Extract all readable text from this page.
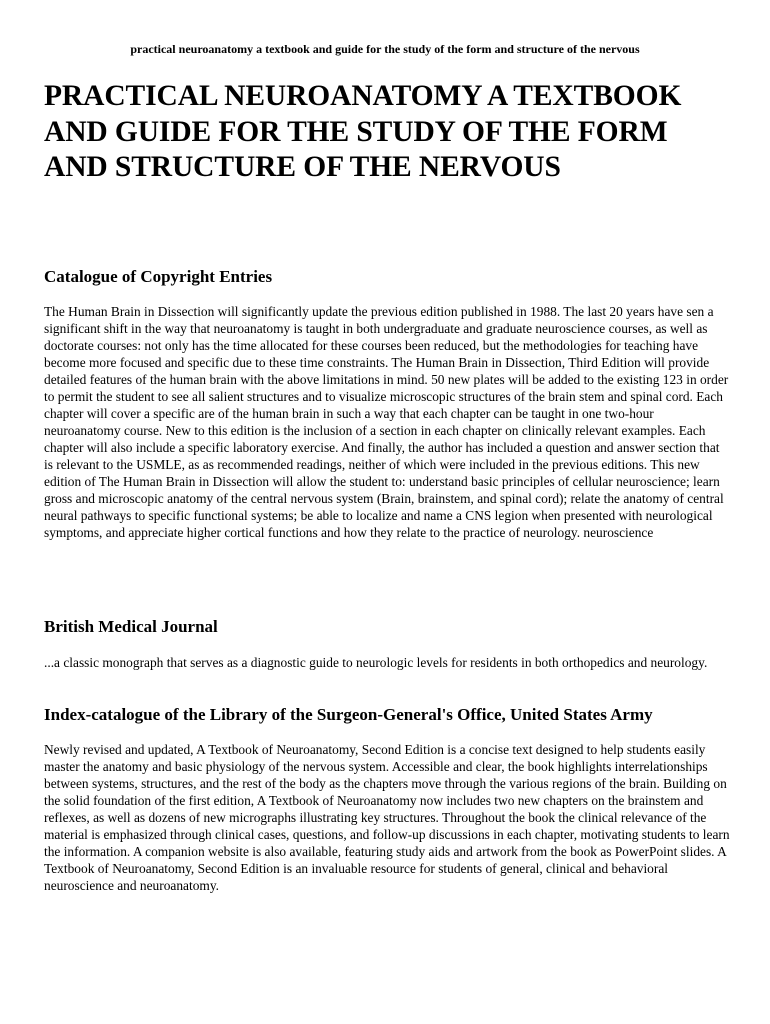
practical neuroanatomy a textbook and guide for the study of the form and structure of the nervous
PRACTICAL NEUROANATOMY A TEXTBOOK AND GUIDE FOR THE STUDY OF THE FORM AND STRUCTURE OF THE NERVOUS
Catalogue of Copyright Entries

The Human Brain in Dissection will significantly update the previous edition published in 1988. The last 20 years have sen a significant shift in the way that neuroanatomy is taught in both undergraduate and graduate neuroscience courses, as well as doctorate courses: not only has the time allocated for these courses been reduced, but the methodologies for teaching have become more focused and specific due to these time constraints. The Human Brain in Dissection, Third Edition will provide detailed features of the human brain with the above limitations in mind. 50 new plates will be added to the existing 123 in order to permit the student to see all salient structures and to visualize microscopic structures of the brain stem and spinal cord. Each chapter will cover a specific are of the human brain in such a way that each chapter can be taught in one two-hour neuroanatomy course. New to this edition is the inclusion of a section in each chapter on clinically relevant examples. Each chapter will also include a specific laboratory exercise. And finally, the author has included a question and answer section that is relevant to the USMLE, as as recommended readings, neither of which were included in the previous editions. This new edition of The Human Brain in Dissection will allow the student to: understand basic principles of cellular neuroscience; learn gross and microscopic anatomy of the central nervous system (Brain, brainstem, and spinal cord); relate the anatomy of central neural pathways to specific functional systems; be able to localize and name a CNS legion when presented with neurological symptoms, and appreciate higher cortical functions and how they relate to the practice of neurology. neuroscience

British Medical Journal

...a classic monograph that serves as a diagnostic guide to neurologic levels for residents in both orthopedics and neurology.

Index-catalogue of the Library of the Surgeon-General's Office, United States Army

Newly revised and updated, A Textbook of Neuroanatomy, Second Edition is a concise text designed to help students easily master the anatomy and basic physiology of the nervous system. Accessible and clear, the book highlights interrelationships between systems, structures, and the rest of the body as the chapters move through the various regions of the brain. Building on the solid foundation of the first edition, A Textbook of Neuroanatomy now includes two new chapters on the brainstem and reflexes, as well as dozens of new micrographs illustrating key structures. Throughout the book the clinical relevance of the material is emphasized through clinical cases, questions, and follow-up discussions in each chapter, motivating students to learn the information. A companion website is also available, featuring study aids and artwork from the book as PowerPoint slides. A Textbook of Neuroanatomy, Second Edition is an invaluable resource for students of general, clinical and behavioral neuroscience and neuroanatomy.
